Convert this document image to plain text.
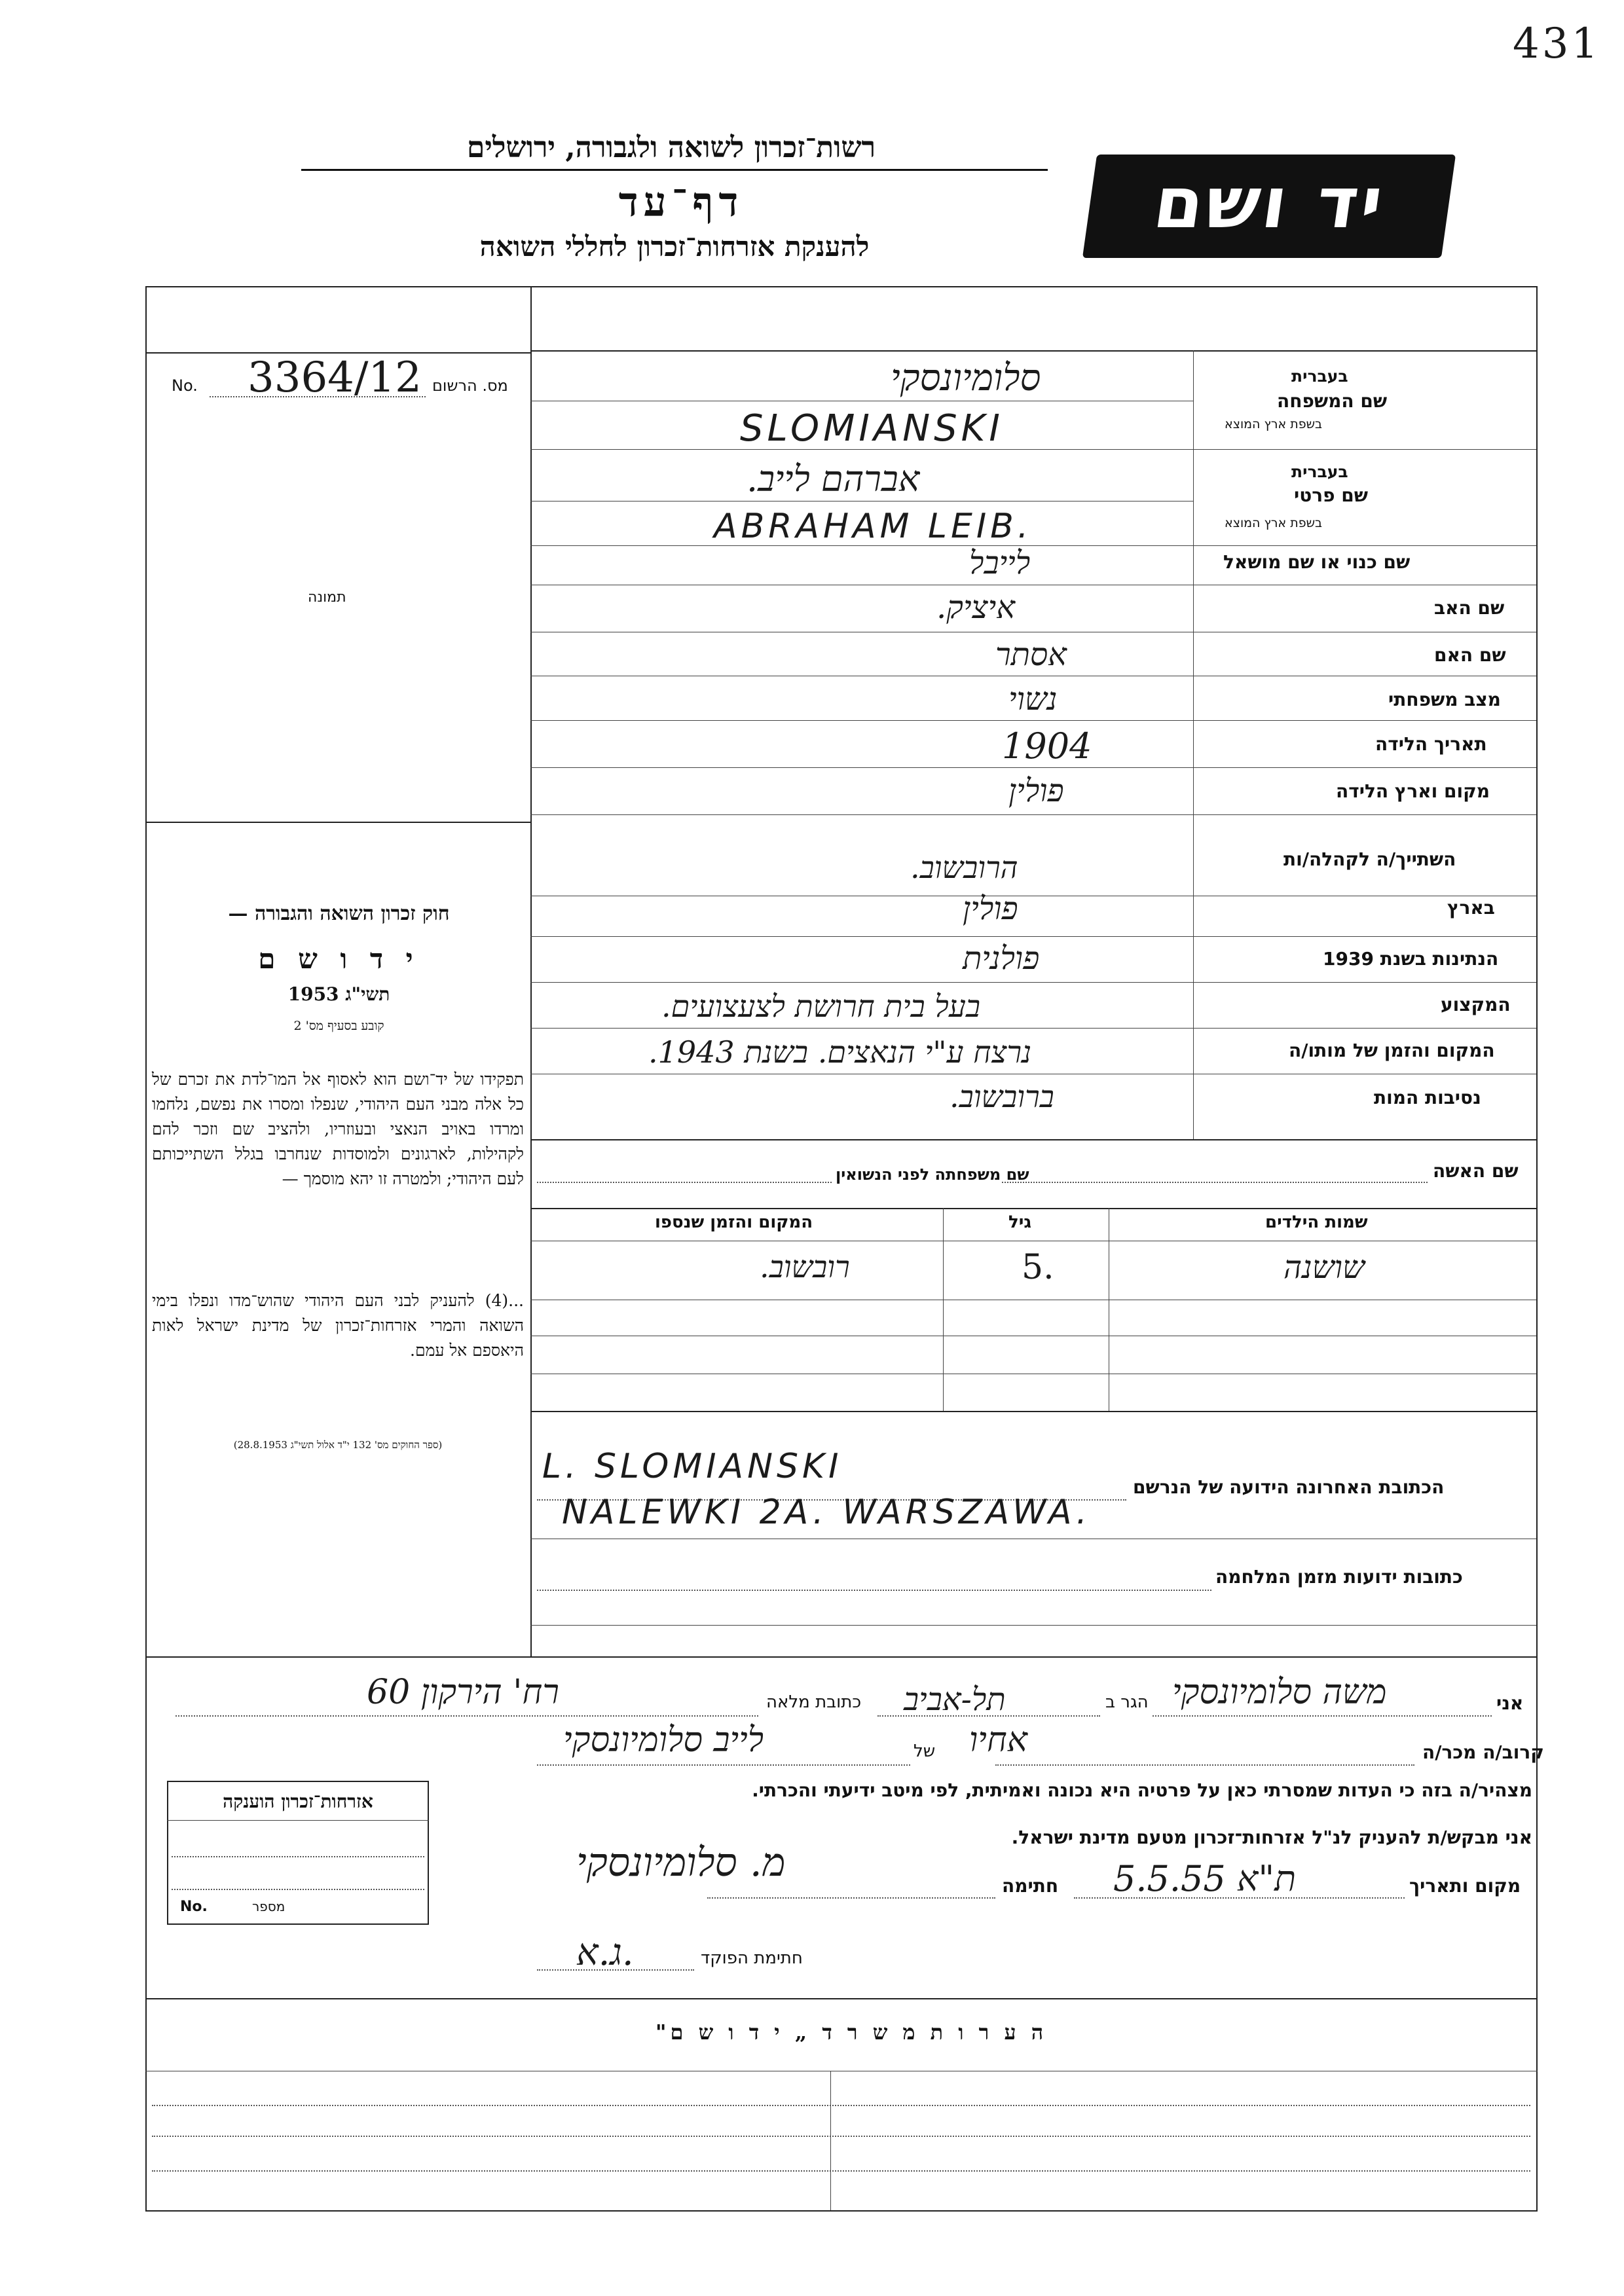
431
רשות־זכרון לשואה ולגבורה, ירושלים
דף־עד
להענקת אזרחות־זכרון לחללי השואה
יד ושם
No. 3364/12 מס. הרשום
תמונה
חוק זכרון השואה והגבורה —
י ד ו ש ם
תשי"ג 1953
קובע בסעיף מס' 2
תפקידו של יד־ושם הוא לאסוף אל המו־לדת את זכרם של כל אלה מבני העם היהודי, שנפלו ומסרו את נפשם, נלחמו ומרדו באויב הנאצי ובעוזריו, ולהציב שם וזכר להם לקהילות, לארגונים ולמוסדות שנחרבו בגלל השתייכותם לעם היהודי; ולמטרה זו יהא מוסמך —
...(4) להעניק לבני העם היהודי שהוש־מדו ונפלו בימי השואה והמרי אזרחות־זכרון של מדינת ישראל לאות היאספם אל עמם.
(ספר החוקים מס' 132 י"ד אלול תשי"ג 28.8.1953)
שם המשפחה
בעברית
בשפת ארץ המוצא
סלומיונסקי
SLOMIANSKI
שם פרטי
בעברית
בשפת ארץ המוצא
אברהם לייב.
ABRAHAM LEIB.
שם כנוי או שם מושאל
לייבל
שם האב
איציק.
שם האם
אסתר
מצב משפחתי
נשוי
תאריך הלידה
1904
מקום וארץ הלידה
פולין
השתייך/ה לקהלה/ות
הרובשוב.
בארץ
פולין
הנתינות בשנת 1939
פולנית
המקצוע
בעל בית חרושת לצעצועים.
המקום והזמן של מותו/ה
נרצח ע"י הנאצים. בשנת 1943.
נסיבות המות
ברובשוב.
שם האשה
שם משפחתה לפני הנשואין
שמות הילדים
גיל
המקום והזמן שנספו
שושנה
5.
רובשוב.
הכתובת האחרונה הידועה של הנרשם
L. SLOMIANSKI
NALEWKI 2A. WARSZAWA.
כתובות ידועות מזמן המלחמה
אני
משה סלומיונסקי
הגר ב
תל-אביב
כתובת מלאה
רח' הירקון 60
קרוב/ה מכר/ה
אחיו
של
לייב סלומיונסקי
מצהיר/ה בזה כי העדות שמסרתי כאן על פרטיה היא נכונה ואמיתית, לפי מיטב ידיעתי והכרתי.
אני מבקש/ת להעניק לנ"ל אזרחות־זכרון מטעם מדינת ישראל.
מקום ותאריך
ת"א 5.5.55
חתימה
מ. סלומיונסקי
חתימת הפוקד
ג.א.
אזרחות־זכרון הוענקה
No.	מספר
ה ע ר ו ת מ ש ר ד „ י ד ו ש ם"
